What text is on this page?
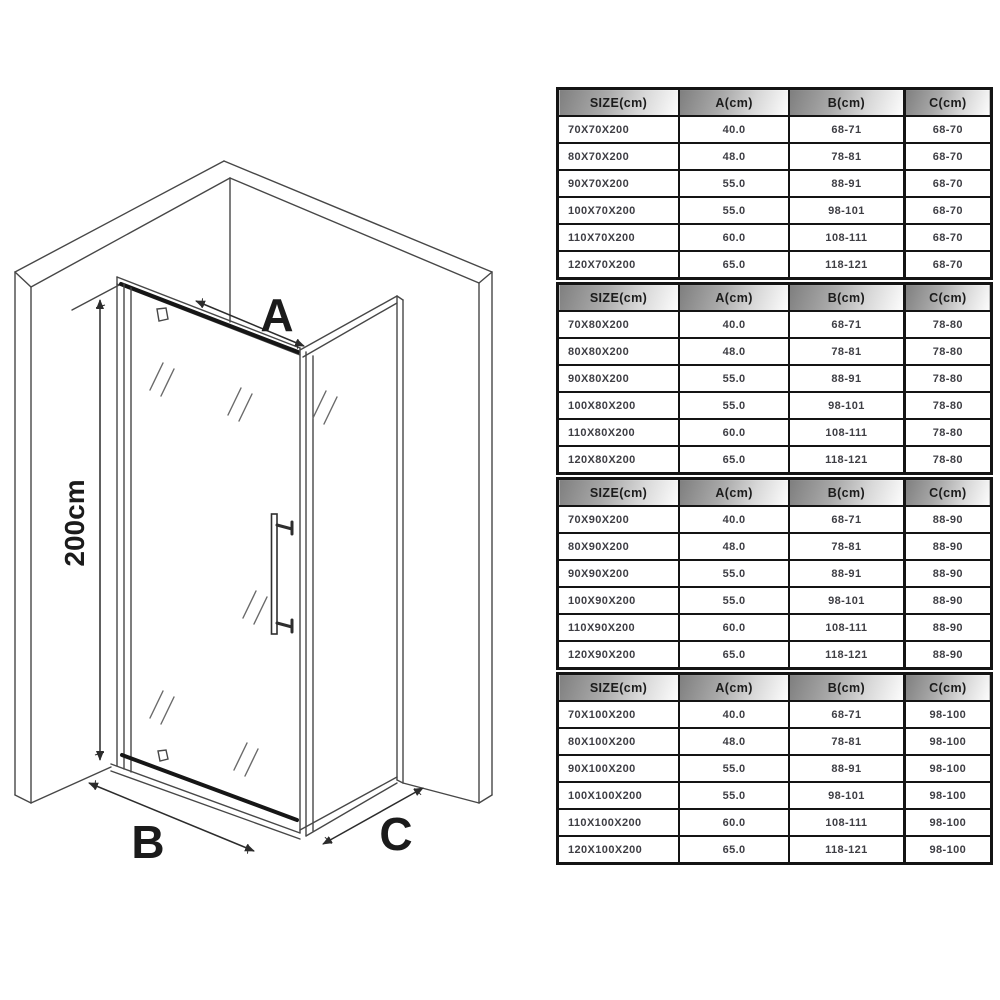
A
B	C
200cm
SIZE(cm)	A(cm)	B(cm)	C(cm)
70X70X200	40.0	68-71	68-70
80X70X200	48.0	78-81	68-70
90X70X200	55.0	88-91	68-70
100X70X200	55.0	98-101	68-70
110X70X200	60.0	108-111	68-70
120X70X200	65.0	118-121	68-70
SIZE(cm)	A(cm)	B(cm)	C(cm)
70X80X200	40.0	68-71	78-80
80X80X200	48.0	78-81	78-80
90X80X200	55.0	88-91	78-80
100X80X200	55.0	98-101	78-80
110X80X200	60.0	108-111	78-80
120X80X200	65.0	118-121	78-80
SIZE(cm)	A(cm)	B(cm)	C(cm)
70X90X200	40.0	68-71	88-90
80X90X200	48.0	78-81	88-90
90X90X200	55.0	88-91	88-90
100X90X200	55.0	98-101	88-90
110X90X200	60.0	108-111	88-90
120X90X200	65.0	118-121	88-90
SIZE(cm)	A(cm)	B(cm)	C(cm)
70X100X200	40.0	68-71	98-100
80X100X200	48.0	78-81	98-100
90X100X200	55.0	88-91	98-100
100X100X200	55.0	98-101	98-100
110X100X200	60.0	108-111	98-100
120X100X200	65.0	118-121	98-100
